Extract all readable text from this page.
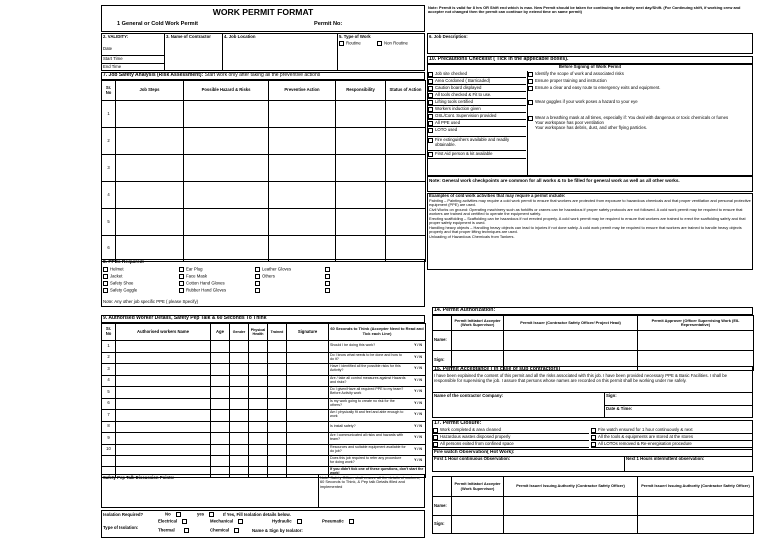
WORK PERMIT FORMAT
1 General or Cold Work Permit	Permit No:
Note: Permit is valid for 8 hrs OR Shift end which is max. New Permit should be taken for continuing the activity next day/Shift. (For Continuing shift, if working crew and accepter not changed then the permit can continue by extend time on same permit)
2. VALIDITY:
Date
Start Time
End Time
3. Name of Contractor	4. Job Location	5. Type of Work
Routine	Non Routine
6. Job Description:
7. Job Safety Analysis (Risk Assessment): Start work only after taking all the preventive actions
Sr. No	Job Steps	Possible Hazard & Risks	Preventive Action	Responsibility	Status of Action
1					
2					
3					
4					
5					
6					
10. Precautions Checklist ( Tick in the applicable boxes).
Before Signing of Work Permit
Job site checked
Area Cordoned ( Barricaded)
Caution board displayed
All tools checked & Fit to use.
Lifting tools certified
Workers induction given
OSL/Cont. Supervision provided
All PPE used
LOTO used
Fire extinguishers available and readily obtainable.
First Aid person & kit available
Identify the scope of work and associated risks
Ensure proper training and instruction
Ensure a clear and easy route to emergency exits and equipment.
Wear goggles if your work poses a hazard to your eye
Wear a breathing mask at all times, especially if: You deal with dangerous or toxic chemicals or fumes
Your workspace has poor ventilation
Your workspace has debris, dust, and other flying particles.
Note: General work checkpoints are common for all works & to be filled for general work as well as all other works.
Examples of cold work activities that may require a permit include:
Painting – Painting activities may require a cold work permit to ensure that workers are protected from exposure to hazardous chemicals and that proper ventilation and personal protective equipment (PPE) are used.
Civil Works on ground: Operating machinery such as forklifts or cranes can be hazardous if proper safety protocols are not followed. A cold work permit may be required to ensure that workers are trained and certified to operate the equipment safely.
Erecting scaffolding – Scaffolding can be hazardous if not erected properly. A cold work permit may be required to ensure that workers are trained to erect the scaffolding safely and that proper safety equipment is used.
Handling heavy objects – Handling heavy objects can lead to injuries if not done safely. A cold work permit may be required to ensure that workers are trained to handle heavy objects properly and that proper lifting techniques are used.
Unloading of Hazardous Chemicals from Tankers.
8. PPEs Required:
Helmet
Jacket
Safety Shoe
Safety Goggle
Ear Plug
Face Mask
Cotton Hand Gloves
Rubber Hand Gloves
Leather Gloves
Others
Note: Any other job specific PPE ( please Specify)
9. Authorised Worker Details, Safety Pep Talk & 60 Seconds To Think
Sr. No	Authorised workers Name	Age	Gender	Physical Health	Trained	Signature	60 Seconds to Think (Accepter Need to Read and Tick each Line)
1							Should I be doing this work? Y / N

2							Do I know what needs to be done and how to do it?
Y / N

3							Have I identified all the possible risks for this Activity?
Y / N

4							Are / take all control measures against Hazards and risks?
Y / N

5							Do I given/Have all required PPE to my team? Before Activity work
Y / N

6							Is my work going to create no risk for the others?
Y / N

7							Am I physically fit and feel and able enough to work
Y / N

8							Is install safety? Y / N

9							Are I communicated all risks and hazards with team?
Y / N

10							Resources and suitable equipment available for do job?
Y / N

							Does this job required to refer any procedure for doing work? Y / N

							If you didn't tick one of these questions, don't start the work!
Safety Pep Talk Discussion Points:	Note: Safety Officer shall ensure all the details of workers, 60 Seconds to Think, & Pep talk Details filled and implemented
Isolation Required?	No	yes	If Yes, Fill Isolation details below.
Type of Isolation:
Electrical	Mechanical	Hydraulic	Pneumatic
Thermal	Chemical	Name & Sign by Isolator:
14. Permit Authorization:
	Permit Initiator/ Accepter (Work Supervisor)	Permit Issuer (Contractor Safety Officer/ Project Head)	Permit Approver (Officer Supervising Work (EIL Representative)
Name:			
Sign:			
15. Permit Acceptance ( In case of sub contractors)
I have been explained the content of this permit and all the risks associated with this job. I have been provided necessary PPE & Basic Facilities. I shall be responsible for supervising the job. I assure that persons whose names are recorded on this permit shall be working under me safely.
Name of the contractor Company:	Sign:
Date & Time:
17. Permit Closure:
Work completed & area cleaned
Hazardous wastes disposed properly
All persons exited from confined space
Fire watch ensured for 1 hour continuously & next
All the tools & equipments are stored at the stores
All LOTOs removed & Re-energisation procedure
Fire watch Observation( Hot Work):
First 1 Hour continuous Observation:	Next 1 Hours intermittent observation:
	Permit Initiator/ Accepter (Work Supervisor)	Permit Issuer/ Issuing Authority (Contractor Safety Officer)	Permit Issuer/ Issuing Authority (Contractor Safety Officer)
Name:			
Sign:			
